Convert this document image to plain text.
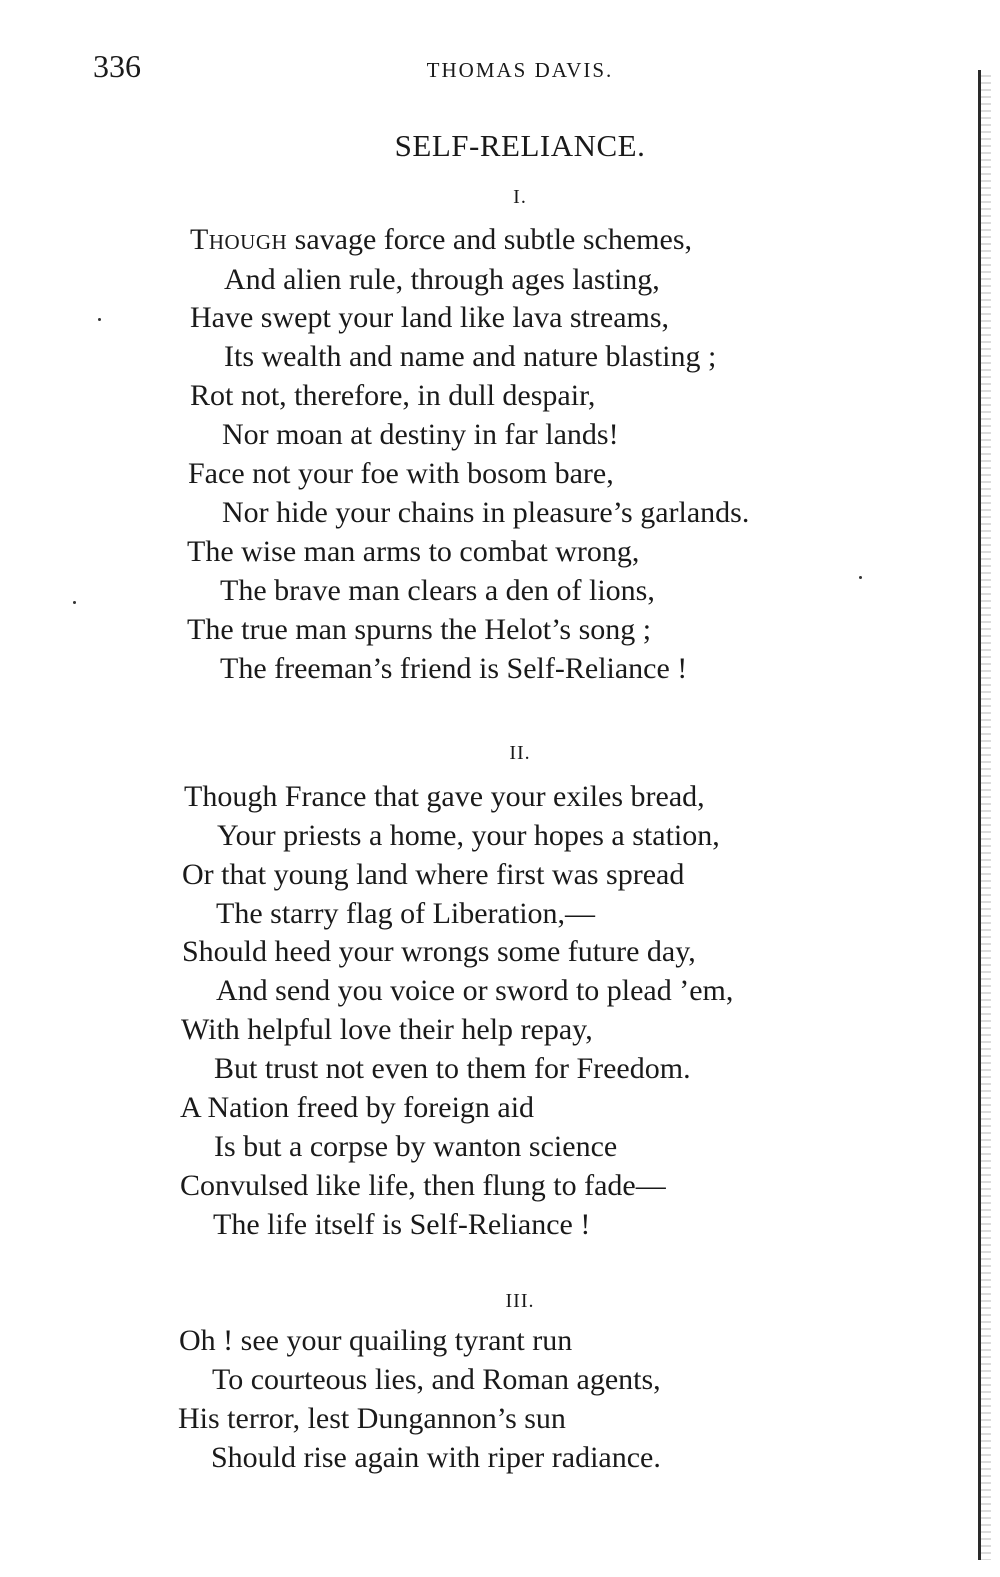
336	THOMAS DAVIS.
SELF-RELIANCE.
I.
Though savage force and subtle schemes,
And alien rule, through ages lasting,
Have swept your land like lava streams,
Its wealth and name and nature blasting ;
Rot not, therefore, in dull despair,
Nor moan at destiny in far lands!
Face not your foe with bosom bare,
Nor hide your chains in pleasure’s garlands.
The wise man arms to combat wrong,
The brave man clears a den of lions,
The true man spurns the Helot’s song ;
The freeman’s friend is Self-Reliance !
II.
Though France that gave your exiles bread,
Your priests a home, your hopes a station,
Or that young land where first was spread
The starry flag of Liberation,—
Should heed your wrongs some future day,
And send you voice or sword to plead ’em,
With helpful love their help repay,
But trust not even to them for Freedom.
A Nation freed by foreign aid
Is but a corpse by wanton science
Convulsed like life, then flung to fade—
The life itself is Self-Reliance !
III.
Oh ! see your quailing tyrant run
To courteous lies, and Roman agents,
His terror, lest Dungannon’s sun
Should rise again with riper radiance.
